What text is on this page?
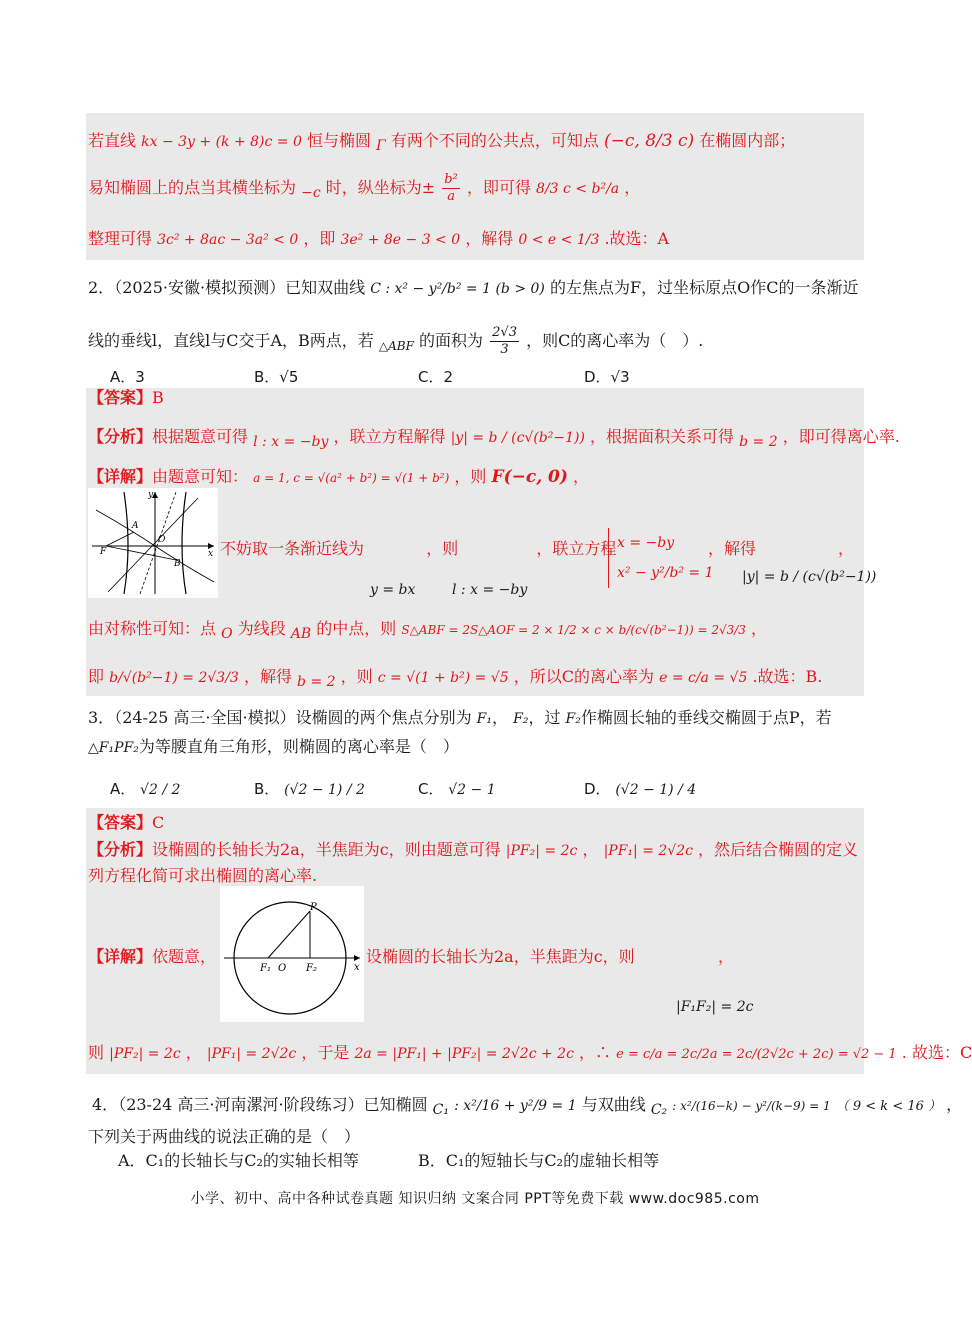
若直线 kx − 3y + (k + 8)c = 0 恒与椭圆 $_\Gamma$ 有两个不同的公共点，可知点 (−c, 8/3 c) 在椭圆内部；
易知椭圆上的点当其横坐标为 $_{-c}$ 时，纵坐标为± $\frac{\text{b²}}{a}$ ，即可得 8/3 c < b²/a ，
整理可得 3c² + 8ac − 3a² < 0 ，即 3e² + 8e − 3 < 0 ，解得 0 < e < 1/3 .故选：A
2．（2025·安徽·模拟预测）已知双曲线 C : x² − y²/b² = 1 (b > 0) 的左焦点为F，过坐标原点O作C的一条渐近
线的垂线l，直线l与C交于A，B两点，若 $_{\triangle ABF}$ 的面积为 $\frac{2√3}{3}$ ，则C的离心率为（　）.
A．3	B．√5	C．2	D．√3
【答案】B
【分析】根据题意可得 $_{l : x = -by}$ ，联立方程解得 |y| = b / (c√(b²−1)) ，根据面积关系可得 $_{b = 2}$ ，即可得离心率.
【详解】由题意可知： a = 1, c = √(a² + b²) = √(1 + b²) ，则 F(−c, 0) ，
y
x
A
O
F
B
不妨取一条渐近线为	，则	，联立方程 x = −by
x² − y²/b² = 1
，解得	，
y = bx	l : x = −by
|y| = b / (c√(b²−1))
由对称性可知：点 $_O$ 为线段 $_{AB}$ 的中点，则 S△ABF = 2S△AOF = 2 × 1/2 × c × b/(c√(b²−1)) = 2√3/3 ，
即 b/√(b²−1) = 2√3/3 ，解得 $_{b = 2}$ ，则 c = √(1 + b²) = √5 ，所以C的离心率为 e = c/a = √5 .故选：B.
3．（24-25 高三·全国·模拟）设椭圆的两个焦点分别为 F₁， F₂，过 F₂作椭圆长轴的垂线交椭圆于点P，若
△F₁PF₂为等腰直角三角形，则椭圆的离心率是（　）
A． √2 / 2	B． (√2 − 1) / 2	C． √2 − 1	D． (√2 − 1) / 4
【答案】C
【分析】设椭圆的长轴长为2a，半焦距为c，则由题意可得 |PF₂| = 2c ， |PF₁| = 2√2c ，然后结合椭圆的定义
列方程化简可求出椭圆的离心率.
P
F₁ O F₂	x
【详解】依题意，	设椭圆的长轴长为2a，半焦距为c，则	，
|F₁F₂| = 2c
则 |PF₂| = 2c ， |PF₁| = 2√2c ，于是 2a = |PF₁| + |PF₂| = 2√2c + 2c ，∴ e = c/a = 2c/2a = 2c/(2√2c + 2c) = √2 − 1 . 故选：C
4．（23-24 高三·河南漯河·阶段练习）已知椭圆 $_{C_1}$ : x²/16 + y²/9 = 1 与双曲线 $_{C_2}$ : x²/(16−k) − y²/(k−9) = 1 （ 9 < k < 16 ） ，
下列关于两曲线的说法正确的是（　）
A．C₁的长轴长与C₂的实轴长相等	B．C₁的短轴长与C₂的虚轴长相等
小学、初中、高中各种试卷真题 知识归纳 文案合同 PPT等免费下载 www.doc985.com
